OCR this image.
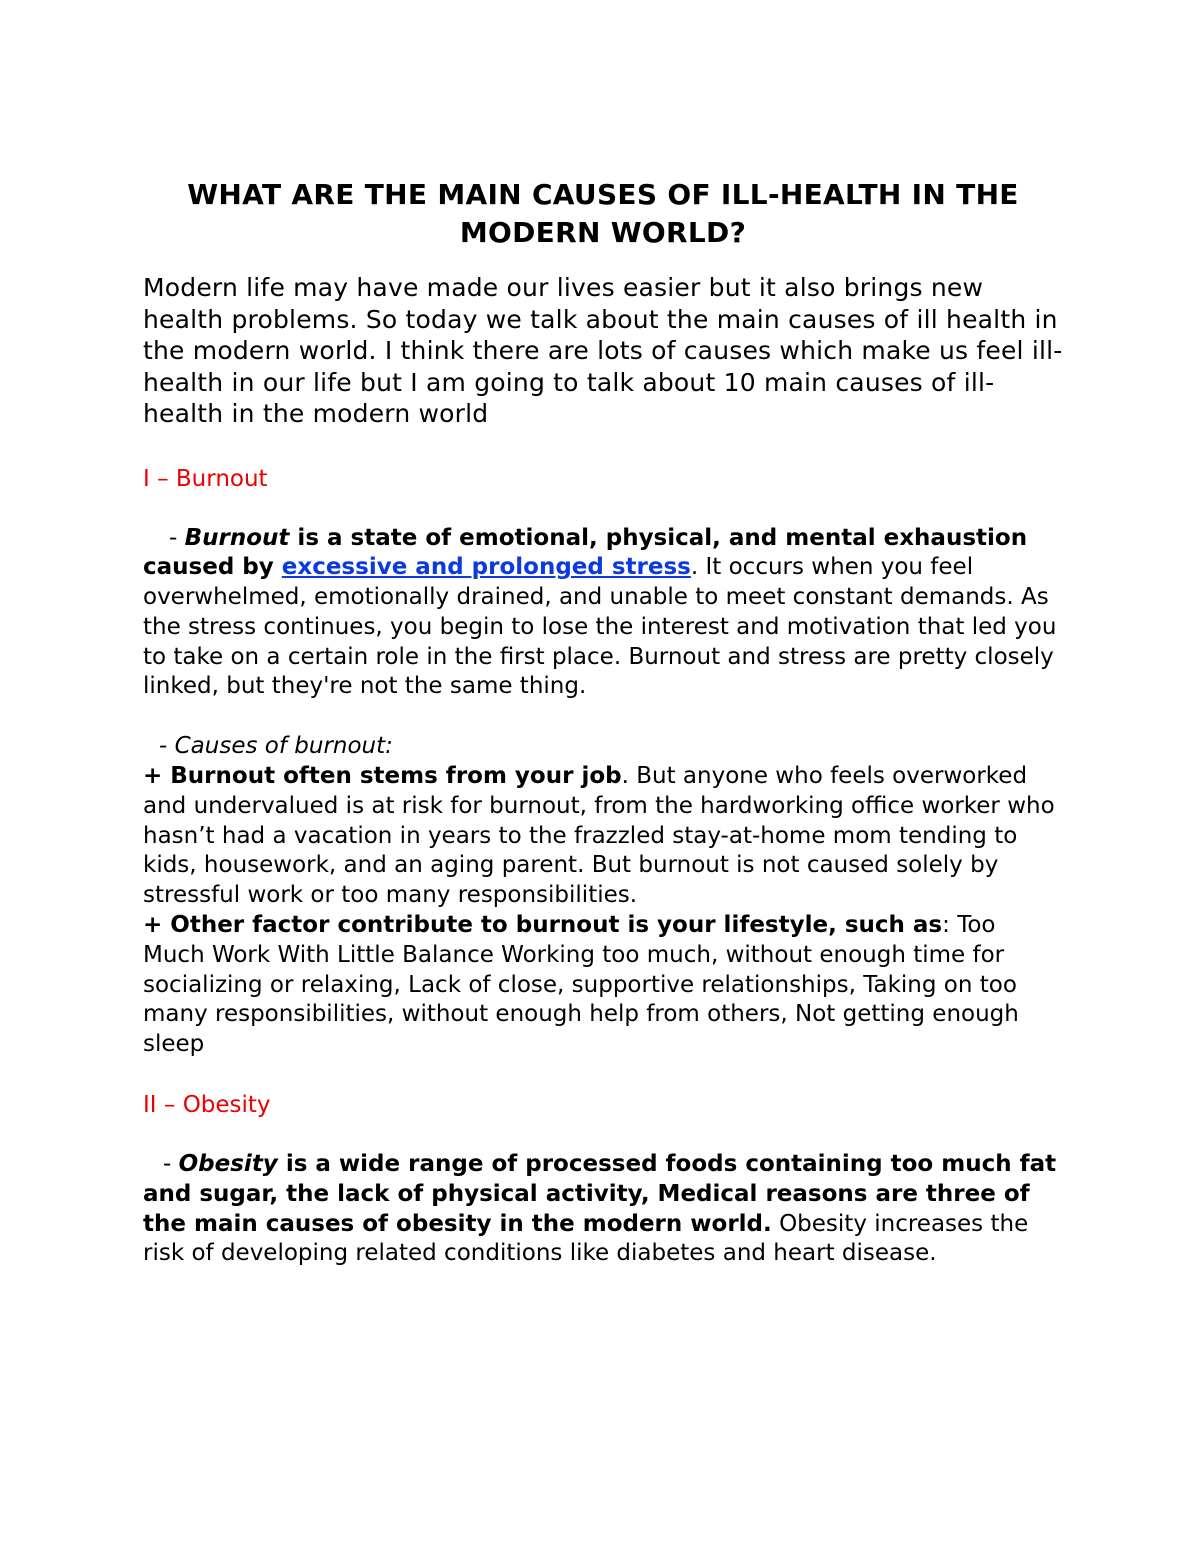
WHAT ARE THE MAIN CAUSES OF ILL-HEALTH IN THE MODERN WORLD?

Modern life may have made our lives easier but it also brings new health problems. So today we talk about the main causes of ill health in the modern world. I think there are lots of causes which make us feel ill-health in our life but I am going to talk about 10 main causes of ill-health in the modern world

I – Burnout

- Burnout is a state of emotional, physical, and mental exhaustion caused by excessive and prolonged stress. It occurs when you feel overwhelmed, emotionally drained, and unable to meet constant demands. As the stress continues, you begin to lose the interest and motivation that led you to take on a certain role in the first place. Burnout and stress are pretty closely linked, but they're not the same thing.

- Causes of burnout:

+ Burnout often stems from your job. But anyone who feels overworked and undervalued is at risk for burnout, from the hardworking office worker who hasn’t had a vacation in years to the frazzled stay-at-home mom tending to kids, housework, and an aging parent. But burnout is not caused solely by stressful work or too many responsibilities.

+ Other factor contribute to burnout is your lifestyle, such as: Too Much Work With Little Balance Working too much, without enough time for socializing or relaxing, Lack of close, supportive relationships, Taking on too many responsibilities, without enough help from others, Not getting enough sleep

II – Obesity

- Obesity is a wide range of processed foods containing too much fat and sugar, the lack of physical activity, Medical reasons are three of the main causes of obesity in the modern world. Obesity increases the risk of developing related conditions like diabetes and heart disease.
